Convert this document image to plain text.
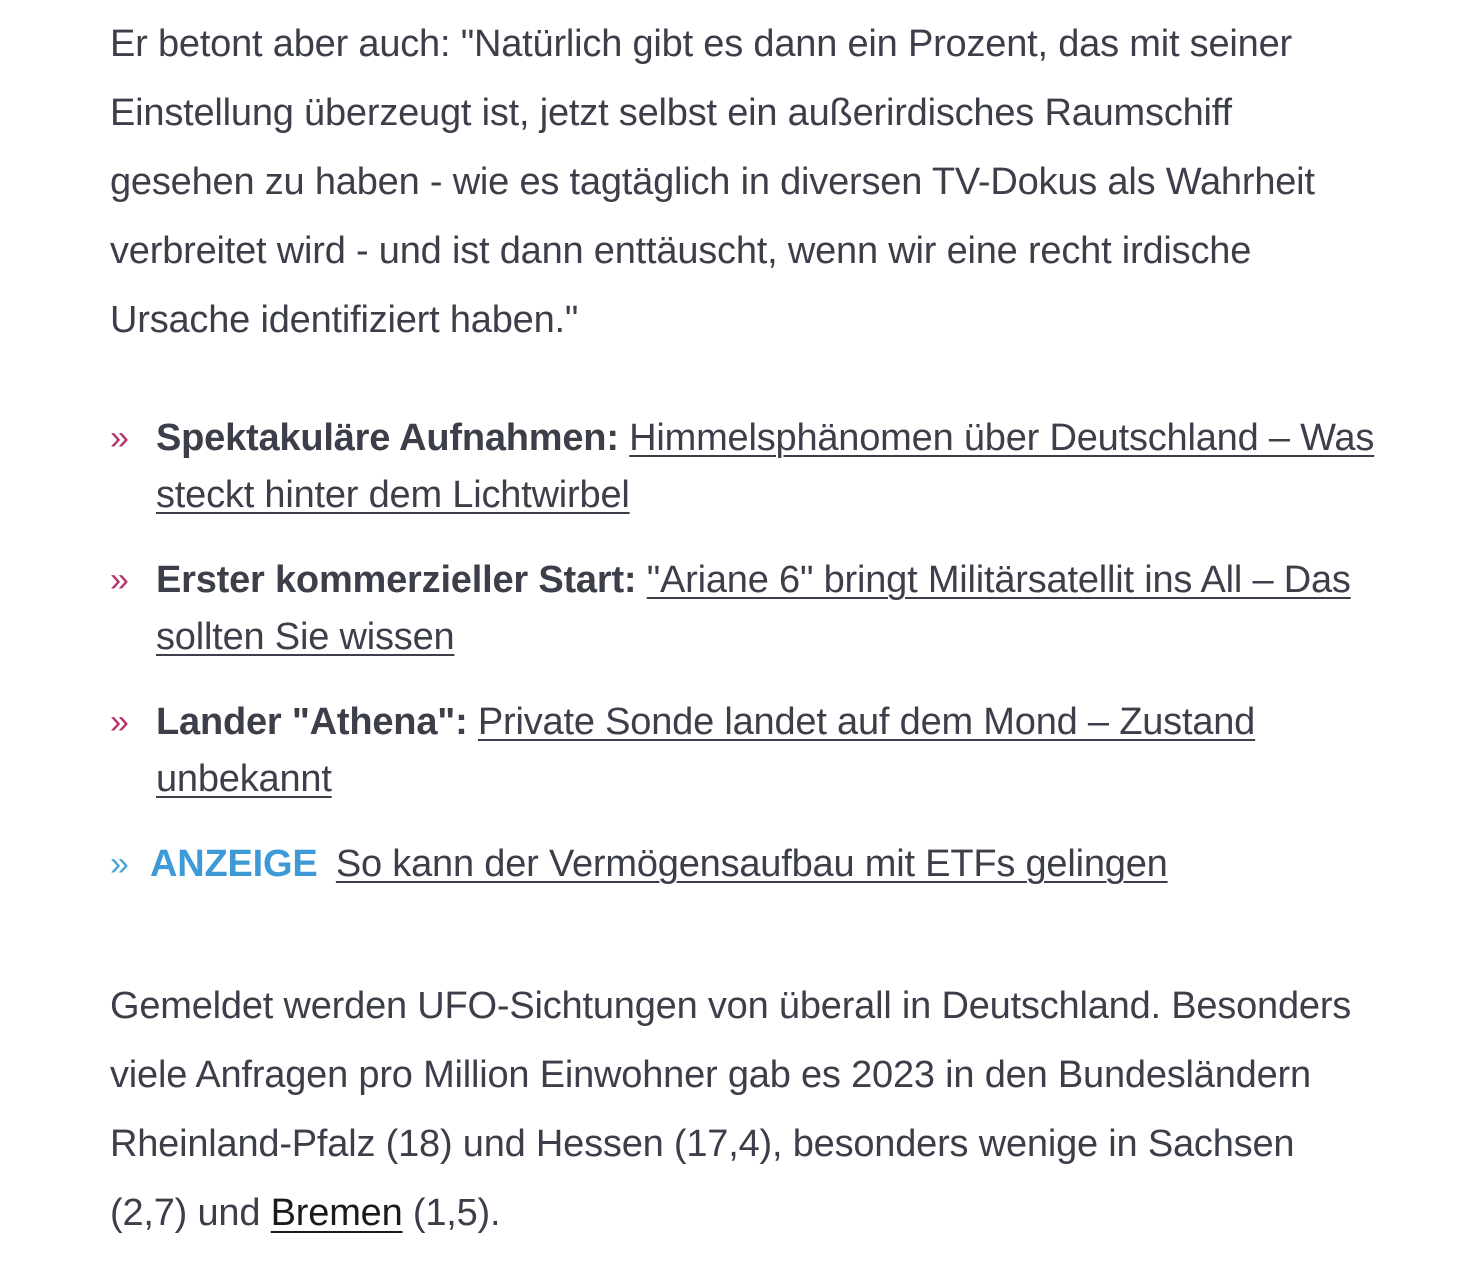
Er betont aber auch: "Natürlich gibt es dann ein Prozent, das mit seiner Einstellung überzeugt ist, jetzt selbst ein außerirdisches Raumschiff gesehen zu haben - wie es tagtäglich in diversen TV-Dokus als Wahrheit verbreitet wird - und ist dann enttäuscht, wenn wir eine recht irdische Ursache identifiziert haben."

» Spektakuläre Aufnahmen: Himmelsphänomen über Deutschland – Was steckt hinter dem Lichtwirbel
» Erster kommerzieller Start: "Ariane 6" bringt Militärsatellit ins All – Das sollten Sie wissen
» Lander "Athena": Private Sonde landet auf dem Mond – Zustand unbekannt
» ANZEIGE So kann der Vermögensaufbau mit ETFs gelingen

Gemeldet werden UFO-Sichtungen von überall in Deutschland. Besonders viele Anfragen pro Million Einwohner gab es 2023 in den Bundesländern Rheinland-Pfalz (18) und Hessen (17,4), besonders wenige in Sachsen (2,7) und Bremen (1,5).
